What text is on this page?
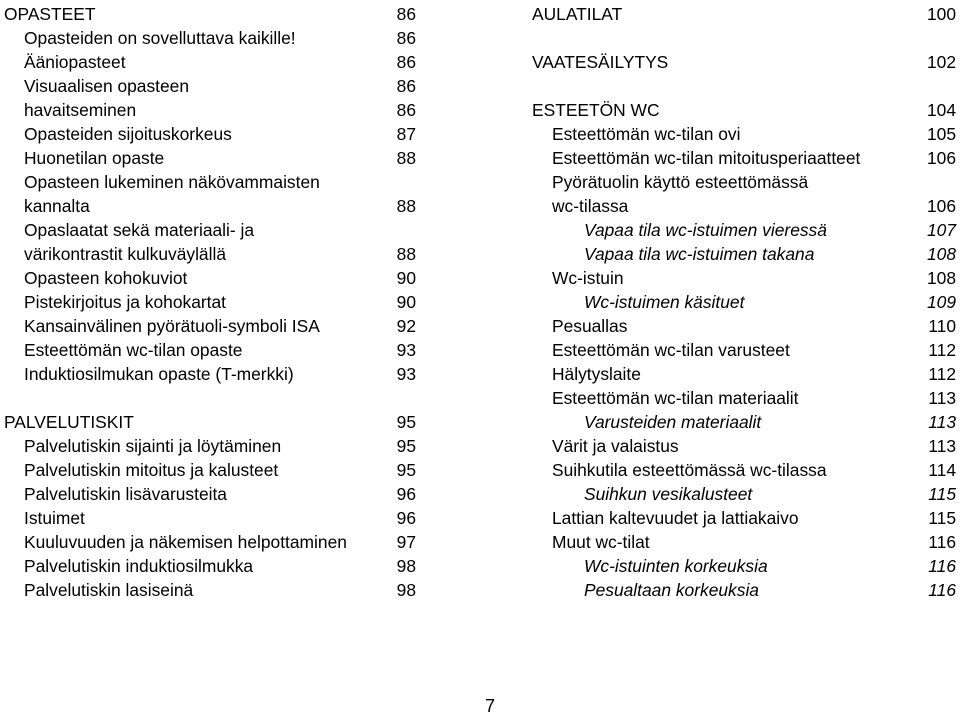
OPASTEET	86
Opasteiden on sovelluttava kaikille!	86
Ääniopasteet	86
Visuaalisen opasteen	86
havaitseminen	86
Opasteiden sijoituskorkeus	87
Huonetilan opaste	88
Opasteen lukeminen näkövammaisten
kannalta	88
Opaslaatat sekä materiaali- ja
värikontrastit kulkuväylällä	88
Opasteen kohokuviot	90
Pistekirjoitus ja kohokartat	90
Kansainvälinen pyörätuoli-symboli ISA	92
Esteettömän wc-tilan opaste	93
Induktiosilmukan opaste (T-merkki)	93
PALVELUTISKIT	95
Palvelutiskin sijainti ja löytäminen	95
Palvelutiskin mitoitus ja kalusteet	95
Palvelutiskin lisävarusteita	96
Istuimet	96
Kuuluvuuden ja näkemisen helpottaminen	97
Palvelutiskin induktiosilmukka	98
Palvelutiskin lasiseinä	98
AULATILAT	100
VAATESÄILYTYS	102
ESTEETÖN WC	104
Esteettömän wc-tilan ovi	105
Esteettömän wc-tilan mitoitusperiaatteet	106
Pyörätuolin käyttö esteettömässä
wc-tilassa	106
Vapaa tila wc-istuimen vieressä	107
Vapaa tila wc-istuimen takana	108
Wc-istuin	108
Wc-istuimen käsituet	109
Pesuallas	110
Esteettömän wc-tilan varusteet	112
Hälytyslaite	112
Esteettömän wc-tilan materiaalit	113
Varusteiden materiaalit	113
Värit ja valaistus	113
Suihkutila esteettömässä wc-tilassa	114
Suihkun vesikalusteet	115
Lattian kaltevuudet ja lattiakaivo	115
Muut wc-tilat	116
Wc-istuinten korkeuksia	116
Pesualtaan korkeuksia	116
7
